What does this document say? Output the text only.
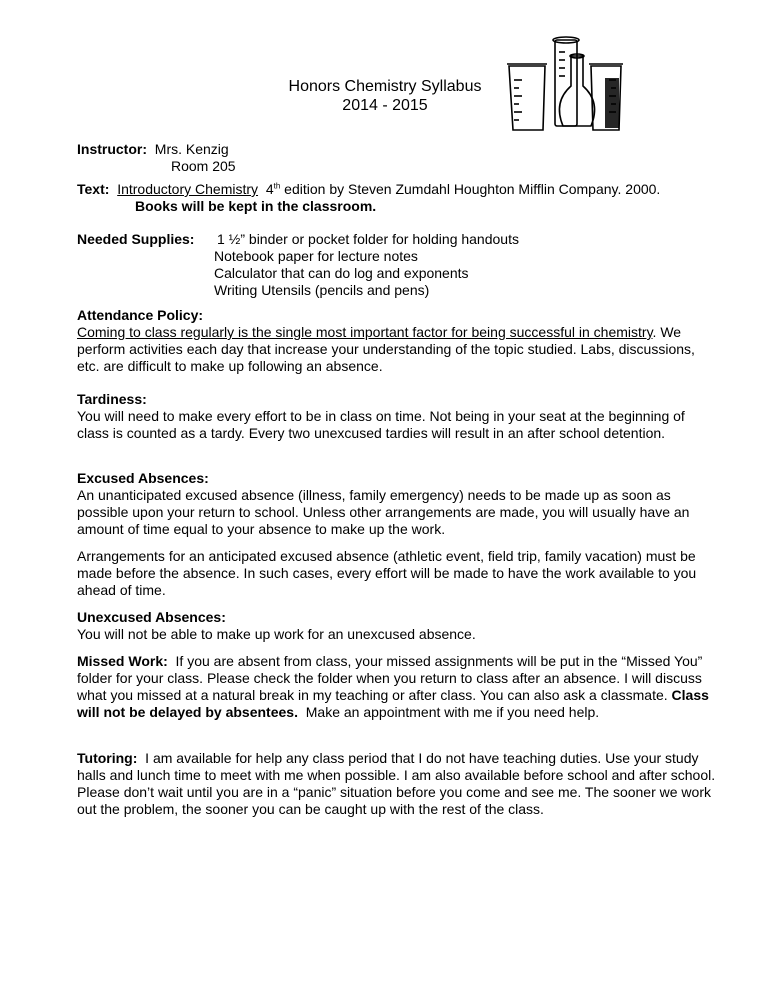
Honors Chemistry Syllabus
2014 - 2015
Instructor: Mrs. Kenzig
Room 205
Text: Introductory Chemistry 4th edition by Steven Zumdahl Houghton Mifflin Company. 2000.
Books will be kept in the classroom.
Needed Supplies: 1 ½” binder or pocket folder for holding handouts
Notebook paper for lecture notes
Calculator that can do log and exponents
Writing Utensils (pencils and pens)
Attendance Policy:
Coming to class regularly is the single most important factor for being successful in chemistry. We perform activities each day that increase your understanding of the topic studied. Labs, discussions, etc. are difficult to make up following an absence.
Tardiness:
You will need to make every effort to be in class on time. Not being in your seat at the beginning of class is counted as a tardy. Every two unexcused tardies will result in an after school detention.
Excused Absences:
An unanticipated excused absence (illness, family emergency) needs to be made up as soon as possible upon your return to school. Unless other arrangements are made, you will usually have an amount of time equal to your absence to make up the work.
Arrangements for an anticipated excused absence (athletic event, field trip, family vacation) must be made before the absence. In such cases, every effort will be made to have the work available to you ahead of time.
Unexcused Absences:
You will not be able to make up work for an unexcused absence.
Missed Work: If you are absent from class, your missed assignments will be put in the “Missed You” folder for your class. Please check the folder when you return to class after an absence. I will discuss what you missed at a natural break in my teaching or after class. You can also ask a classmate. Class will not be delayed by absentees. Make an appointment with me if you need help.
Tutoring: I am available for help any class period that I do not have teaching duties. Use your study halls and lunch time to meet with me when possible. I am also available before school and after school. Please don’t wait until you are in a “panic” situation before you come and see me. The sooner we work out the problem, the sooner you can be caught up with the rest of the class.
